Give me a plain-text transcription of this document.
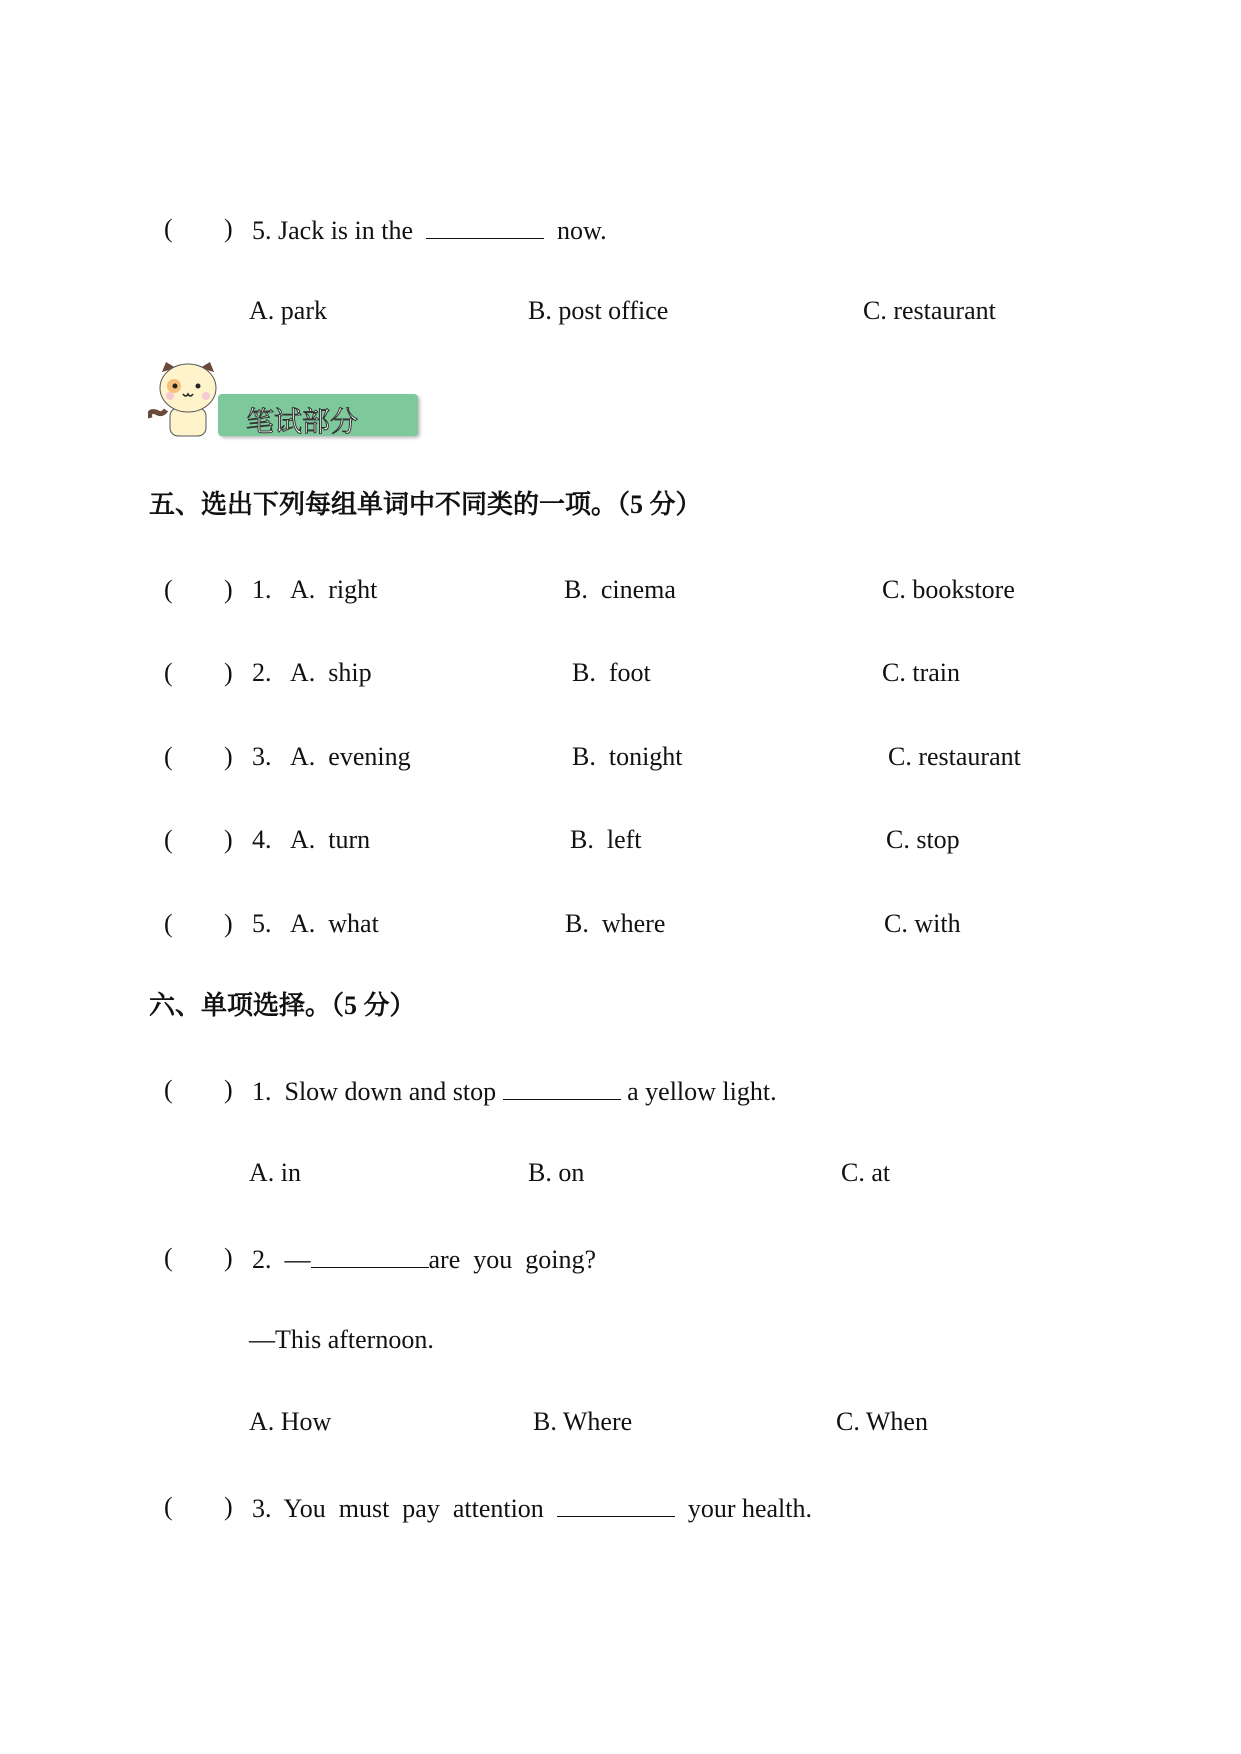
( ) 5. Jack is in the	now.
A. park	B. post office	C. restaurant
笔试部分
五、选出下列每组单词中不同类的一项。（5 分）
( ) 1. A.  right	B.  cinema	C. bookstore
( ) 2. A.  ship	B.  foot	C. train
( ) 3. A.  evening	B.  tonight	C. restaurant
( ) 4. A.  turn	B.  left	C. stop
( ) 5. A.  what	B.  where	C. with
六、单项选择。（5 分）
( ) 1. Slow down and stop	a yellow light.
A. in	B. on	C. at
( ) 2. —	are  you  going?
—This afternoon.
A. How	B. Where	C. When
( ) 3. You  must  pay  attention	your health.
